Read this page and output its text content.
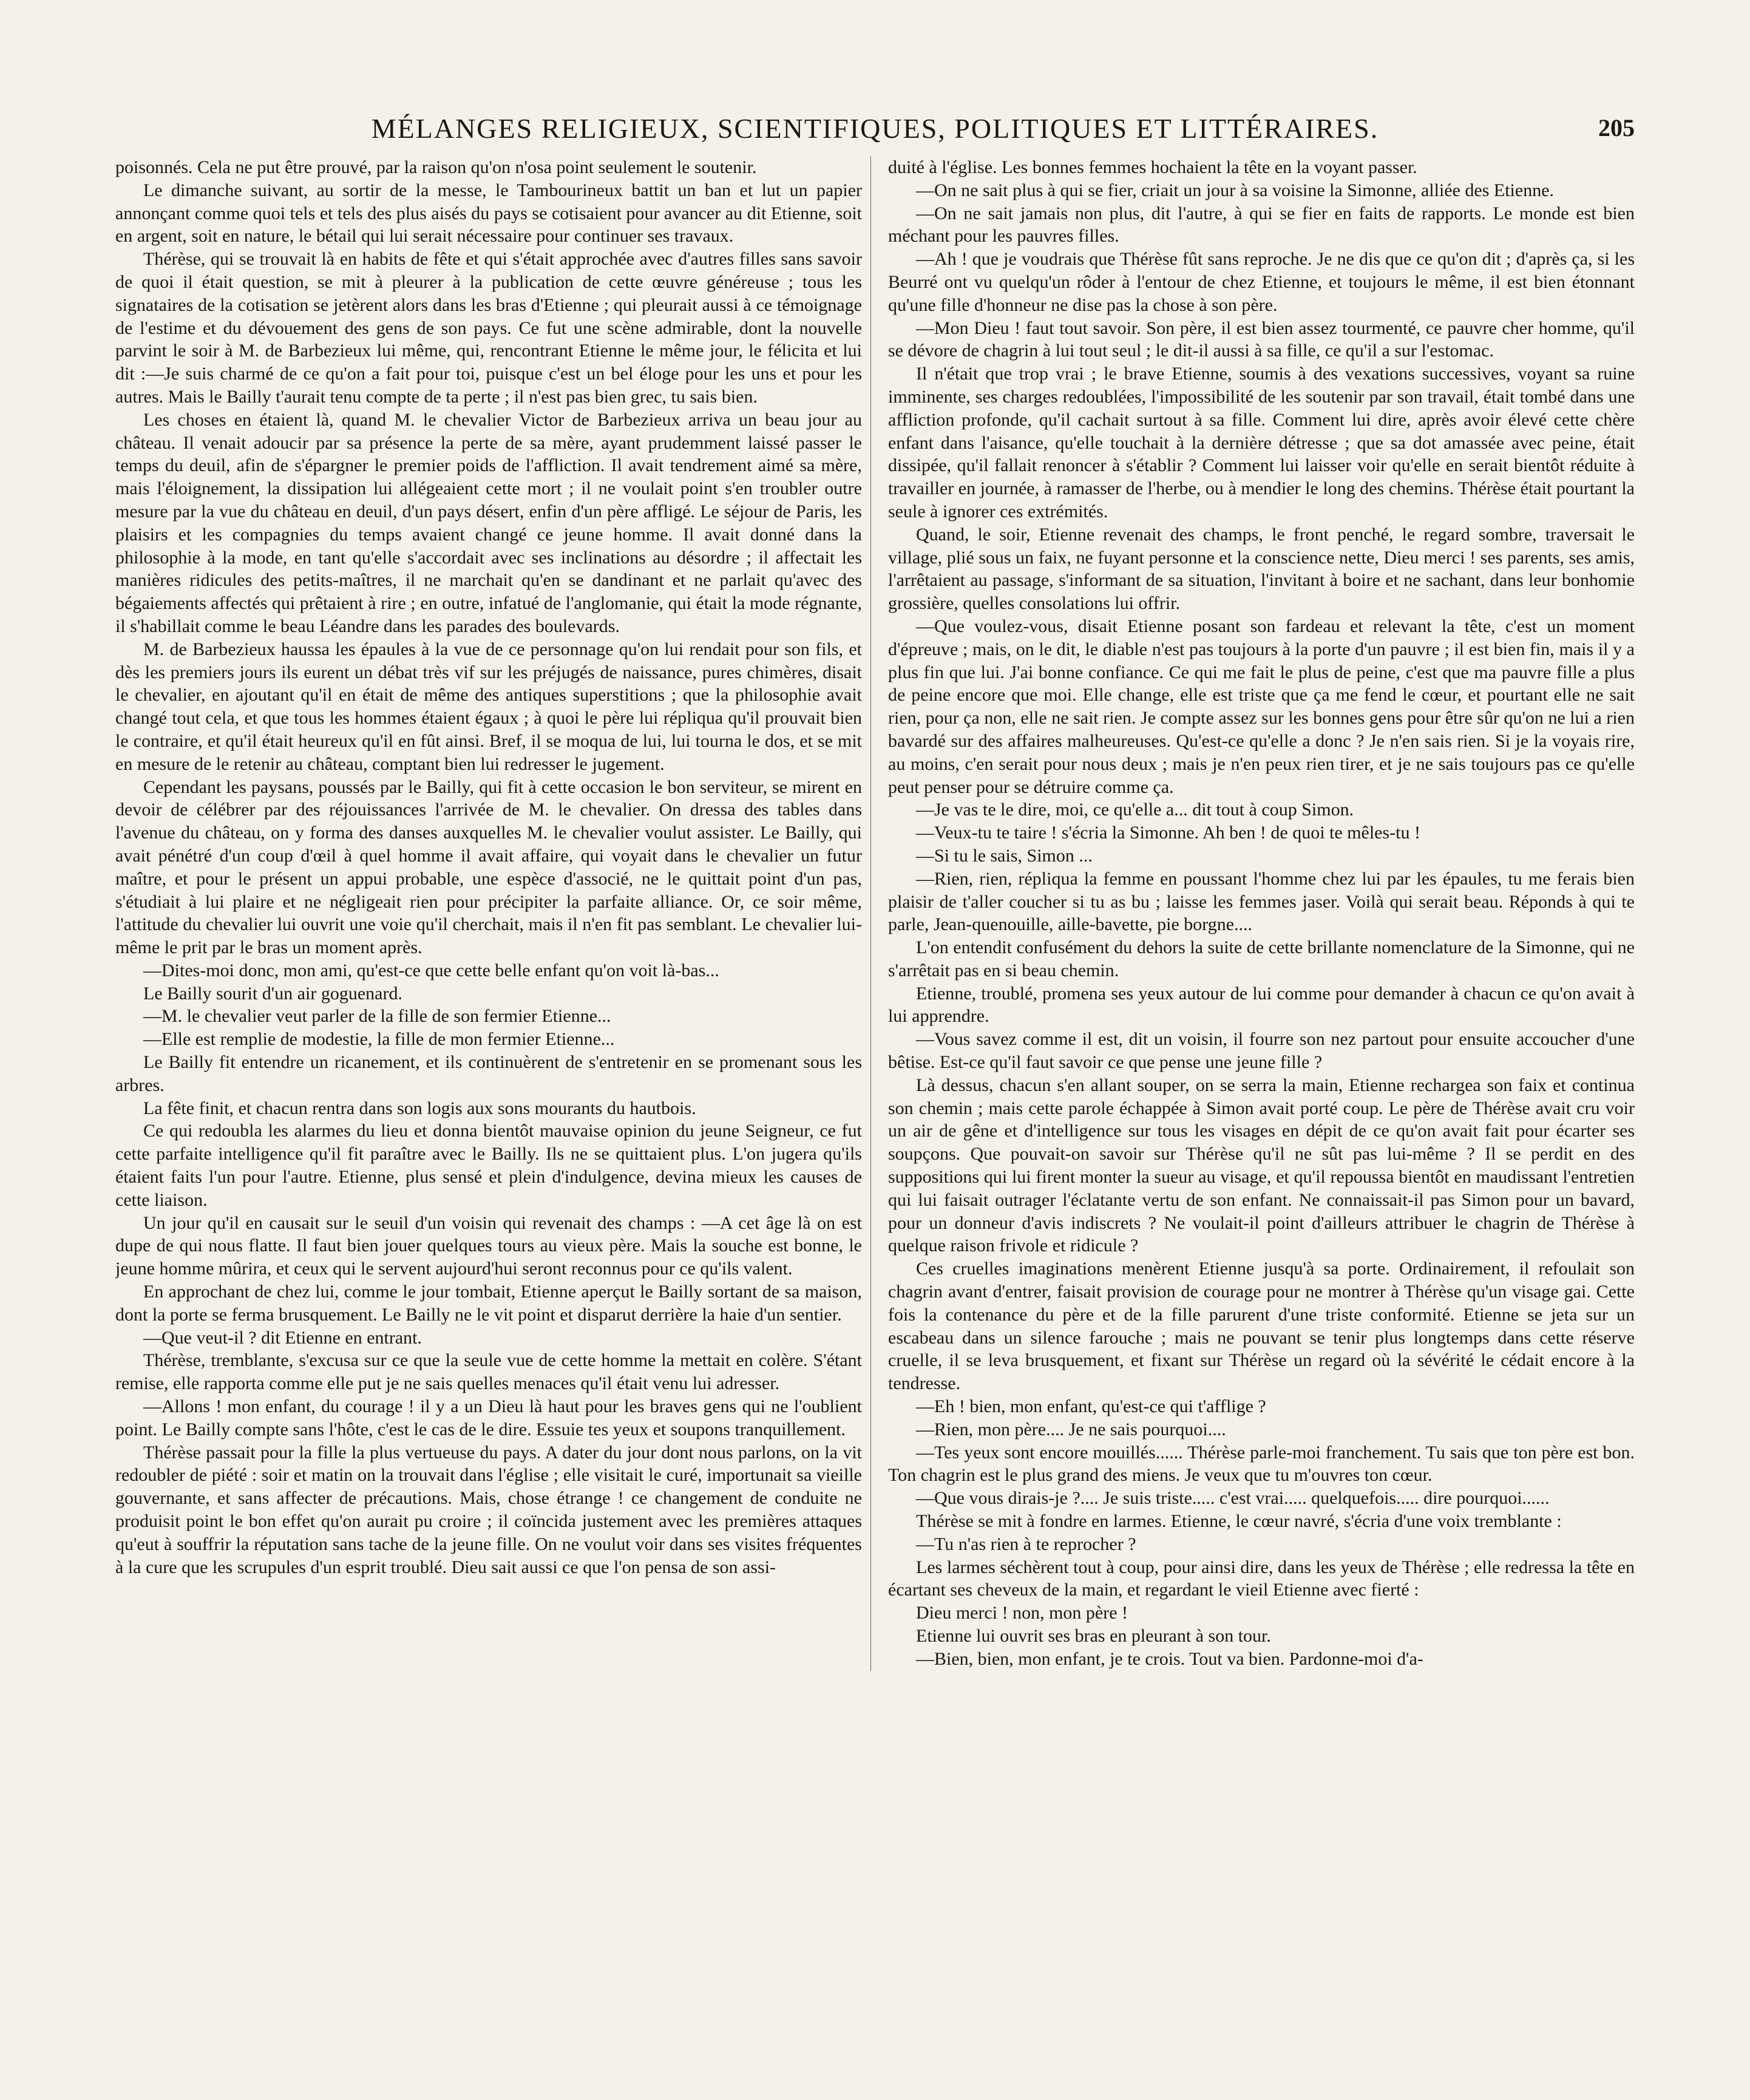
MÉLANGES RELIGIEUX, SCIENTIFIQUES, POLITIQUES ET LITTÉRAIRES.	205

poisonnés. Cela ne put être prouvé, par la raison qu'on n'osa point seulement le soutenir.

Le dimanche suivant, au sortir de la messe, le Tambourineux battit un ban et lut un papier annonçant comme quoi tels et tels des plus aisés du pays se cotisaient pour avancer au dit Etienne, soit en argent, soit en nature, le bétail qui lui serait nécessaire pour continuer ses travaux.

Thérèse, qui se trouvait là en habits de fête et qui s'était approchée avec d'autres filles sans savoir de quoi il était question, se mit à pleurer à la publication de cette œuvre généreuse ; tous les signataires de la cotisation se jetèrent alors dans les bras d'Etienne ; qui pleurait aussi à ce témoignage de l'estime et du dévouement des gens de son pays. Ce fut une scène admirable, dont la nouvelle parvint le soir à M. de Barbezieux lui même, qui, rencontrant Etienne le même jour, le félicita et lui dit :—Je suis charmé de ce qu'on a fait pour toi, puisque c'est un bel éloge pour les uns et pour les autres. Mais le Bailly t'aurait tenu compte de ta perte ; il n'est pas bien grec, tu sais bien.

Les choses en étaient là, quand M. le chevalier Victor de Barbezieux arriva un beau jour au château. Il venait adoucir par sa présence la perte de sa mère, ayant prudemment laissé passer le temps du deuil, afin de s'épargner le premier poids de l'affliction. Il avait tendrement aimé sa mère, mais l'éloignement, la dissipation lui allégeaient cette mort ; il ne voulait point s'en troubler outre mesure par la vue du château en deuil, d'un pays désert, enfin d'un père affligé. Le séjour de Paris, les plaisirs et les compagnies du temps avaient changé ce jeune homme. Il avait donné dans la philosophie à la mode, en tant qu'elle s'accordait avec ses inclinations au désordre ; il affectait les manières ridicules des petits-maîtres, il ne marchait qu'en se dandinant et ne parlait qu'avec des bégaiements affectés qui prêtaient à rire ; en outre, infatué de l'anglomanie, qui était la mode régnante, il s'habillait comme le beau Léandre dans les parades des boulevards.

M. de Barbezieux haussa les épaules à la vue de ce personnage qu'on lui rendait pour son fils, et dès les premiers jours ils eurent un débat très vif sur les préjugés de naissance, pures chimères, disait le chevalier, en ajoutant qu'il en était de même des antiques superstitions ; que la philosophie avait changé tout cela, et que tous les hommes étaient égaux ; à quoi le père lui répliqua qu'il prouvait bien le contraire, et qu'il était heureux qu'il en fût ainsi. Bref, il se moqua de lui, lui tourna le dos, et se mit en mesure de le retenir au château, comptant bien lui redresser le jugement.

Cependant les paysans, poussés par le Bailly, qui fit à cette occasion le bon serviteur, se mirent en devoir de célébrer par des réjouissances l'arrivée de M. le chevalier. On dressa des tables dans l'avenue du château, on y forma des danses auxquelles M. le chevalier voulut assister. Le Bailly, qui avait pénétré d'un coup d'œil à quel homme il avait affaire, qui voyait dans le chevalier un futur maître, et pour le présent un appui probable, une espèce d'associé, ne le quittait point d'un pas, s'étudiait à lui plaire et ne négligeait rien pour précipiter la parfaite alliance. Or, ce soir même, l'attitude du chevalier lui ouvrit une voie qu'il cherchait, mais il n'en fit pas semblant. Le chevalier lui-même le prit par le bras un moment après.

—Dites-moi donc, mon ami, qu'est-ce que cette belle enfant qu'on voit là-bas...

Le Bailly sourit d'un air goguenard.

—M. le chevalier veut parler de la fille de son fermier Etienne...

—Elle est remplie de modestie, la fille de mon fermier Etienne...

Le Bailly fit entendre un ricanement, et ils continuèrent de s'entretenir en se promenant sous les arbres.

La fête finit, et chacun rentra dans son logis aux sons mourants du hautbois.

Ce qui redoubla les alarmes du lieu et donna bientôt mauvaise opinion du jeune Seigneur, ce fut cette parfaite intelligence qu'il fit paraître avec le Bailly. Ils ne se quittaient plus. L'on jugera qu'ils étaient faits l'un pour l'autre. Etienne, plus sensé et plein d'indulgence, devina mieux les causes de cette liaison.

Un jour qu'il en causait sur le seuil d'un voisin qui revenait des champs : —A cet âge là on est dupe de qui nous flatte. Il faut bien jouer quelques tours au vieux père. Mais la souche est bonne, le jeune homme mûrira, et ceux qui le servent aujourd'hui seront reconnus pour ce qu'ils valent.

En approchant de chez lui, comme le jour tombait, Etienne aperçut le Bailly sortant de sa maison, dont la porte se ferma brusquement. Le Bailly ne le vit point et disparut derrière la haie d'un sentier.

—Que veut-il ? dit Etienne en entrant.

Thérèse, tremblante, s'excusa sur ce que la seule vue de cette homme la mettait en colère. S'étant remise, elle rapporta comme elle put je ne sais quelles menaces qu'il était venu lui adresser.

—Allons ! mon enfant, du courage ! il y a un Dieu là haut pour les braves gens qui ne l'oublient point. Le Bailly compte sans l'hôte, c'est le cas de le dire. Essuie tes yeux et soupons tranquillement.

Thérèse passait pour la fille la plus vertueuse du pays. A dater du jour dont nous parlons, on la vit redoubler de piété : soir et matin on la trouvait dans l'église ; elle visitait le curé, importunait sa vieille gouvernante, et sans affecter de précautions. Mais, chose étrange ! ce changement de conduite ne produisit point le bon effet qu'on aurait pu croire ; il coïncida justement avec les premières attaques qu'eut à souffrir la réputation sans tache de la jeune fille. On ne voulut voir dans ses visites fréquentes à la cure que les scrupules d'un esprit troublé. Dieu sait aussi ce que l'on pensa de son assi-

duité à l'église. Les bonnes femmes hochaient la tête en la voyant passer.

—On ne sait plus à qui se fier, criait un jour à sa voisine la Simonne, alliée des Etienne.

—On ne sait jamais non plus, dit l'autre, à qui se fier en faits de rapports. Le monde est bien méchant pour les pauvres filles.

—Ah ! que je voudrais que Thérèse fût sans reproche. Je ne dis que ce qu'on dit ; d'après ça, si les Beurré ont vu quelqu'un rôder à l'entour de chez Etienne, et toujours le même, il est bien étonnant qu'une fille d'honneur ne dise pas la chose à son père.

—Mon Dieu ! faut tout savoir. Son père, il est bien assez tourmenté, ce pauvre cher homme, qu'il se dévore de chagrin à lui tout seul ; le dit-il aussi à sa fille, ce qu'il a sur l'estomac.

Il n'était que trop vrai ; le brave Etienne, soumis à des vexations successives, voyant sa ruine imminente, ses charges redoublées, l'impossibilité de les soutenir par son travail, était tombé dans une affliction profonde, qu'il cachait surtout à sa fille. Comment lui dire, après avoir élevé cette chère enfant dans l'aisance, qu'elle touchait à la dernière détresse ; que sa dot amassée avec peine, était dissipée, qu'il fallait renoncer à s'établir ? Comment lui laisser voir qu'elle en serait bientôt réduite à travailler en journée, à ramasser de l'herbe, ou à mendier le long des chemins. Thérèse était pourtant la seule à ignorer ces extrémités.

Quand, le soir, Etienne revenait des champs, le front penché, le regard sombre, traversait le village, plié sous un faix, ne fuyant personne et la conscience nette, Dieu merci ! ses parents, ses amis, l'arrêtaient au passage, s'informant de sa situation, l'invitant à boire et ne sachant, dans leur bonhomie grossière, quelles consolations lui offrir.

—Que voulez-vous, disait Etienne posant son fardeau et relevant la tête, c'est un moment d'épreuve ; mais, on le dit, le diable n'est pas toujours à la porte d'un pauvre ; il est bien fin, mais il y a plus fin que lui. J'ai bonne confiance. Ce qui me fait le plus de peine, c'est que ma pauvre fille a plus de peine encore que moi. Elle change, elle est triste que ça me fend le cœur, et pourtant elle ne sait rien, pour ça non, elle ne sait rien. Je compte assez sur les bonnes gens pour être sûr qu'on ne lui a rien bavardé sur des affaires malheureuses. Qu'est-ce qu'elle a donc ? Je n'en sais rien. Si je la voyais rire, au moins, c'en serait pour nous deux ; mais je n'en peux rien tirer, et je ne sais toujours pas ce qu'elle peut penser pour se détruire comme ça.

—Je vas te le dire, moi, ce qu'elle a... dit tout à coup Simon.

—Veux-tu te taire ! s'écria la Simonne. Ah ben ! de quoi te mêles-tu !

—Si tu le sais, Simon ...

—Rien, rien, répliqua la femme en poussant l'homme chez lui par les épaules, tu me ferais bien plaisir de t'aller coucher si tu as bu ; laisse les femmes jaser. Voilà qui serait beau. Réponds à qui te parle, Jean-quenouille, aille-bavette, pie borgne....

L'on entendit confusément du dehors la suite de cette brillante nomenclature de la Simonne, qui ne s'arrêtait pas en si beau chemin.

Etienne, troublé, promena ses yeux autour de lui comme pour demander à chacun ce qu'on avait à lui apprendre.

—Vous savez comme il est, dit un voisin, il fourre son nez partout pour ensuite accoucher d'une bêtise. Est-ce qu'il faut savoir ce que pense une jeune fille ?

Là dessus, chacun s'en allant souper, on se serra la main, Etienne rechargea son faix et continua son chemin ; mais cette parole échappée à Simon avait porté coup. Le père de Thérèse avait cru voir un air de gêne et d'intelligence sur tous les visages en dépit de ce qu'on avait fait pour écarter ses soupçons. Que pouvait-on savoir sur Thérèse qu'il ne sût pas lui-même ? Il se perdit en des suppositions qui lui firent monter la sueur au visage, et qu'il repoussa bientôt en maudissant l'entretien qui lui faisait outrager l'éclatante vertu de son enfant. Ne connaissait-il pas Simon pour un bavard, pour un donneur d'avis indiscrets ? Ne voulait-il point d'ailleurs attribuer le chagrin de Thérèse à quelque raison frivole et ridicule ?

Ces cruelles imaginations menèrent Etienne jusqu'à sa porte. Ordinairement, il refoulait son chagrin avant d'entrer, faisait provision de courage pour ne montrer à Thérèse qu'un visage gai. Cette fois la contenance du père et de la fille parurent d'une triste conformité. Etienne se jeta sur un escabeau dans un silence farouche ; mais ne pouvant se tenir plus longtemps dans cette réserve cruelle, il se leva brusquement, et fixant sur Thérèse un regard où la sévérité le cédait encore à la tendresse.

—Eh ! bien, mon enfant, qu'est-ce qui t'afflige ?

—Rien, mon père.... Je ne sais pourquoi....

—Tes yeux sont encore mouillés...... Thérèse parle-moi franchement. Tu sais que ton père est bon. Ton chagrin est le plus grand des miens. Je veux que tu m'ouvres ton cœur.

—Que vous dirais-je ?.... Je suis triste..... c'est vrai..... quelquefois..... dire pourquoi......

Thérèse se mit à fondre en larmes. Etienne, le cœur navré, s'écria d'une voix tremblante :

—Tu n'as rien à te reprocher ?

Les larmes séchèrent tout à coup, pour ainsi dire, dans les yeux de Thérèse ; elle redressa la tête en écartant ses cheveux de la main, et regardant le vieil Etienne avec fierté :

Dieu merci ! non, mon père !

Etienne lui ouvrit ses bras en pleurant à son tour.

—Bien, bien, mon enfant, je te crois. Tout va bien. Pardonne-moi d'a-
